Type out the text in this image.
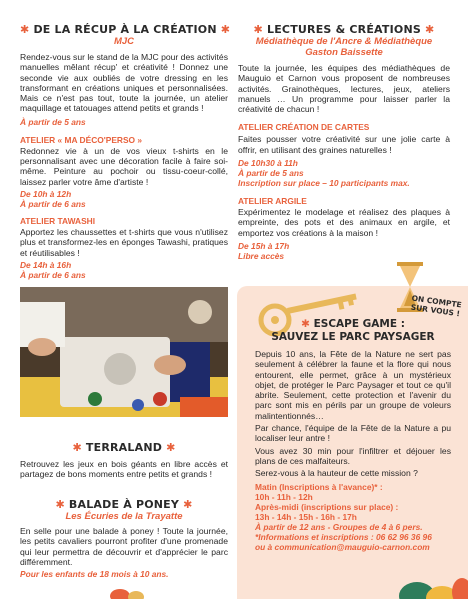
✱ DE LA RÉCUP À LA CRÉATION ✱
MJC

Rendez-vous sur le stand de la MJC pour des activités manuelles mêlant récup' et créativité ! Donnez une seconde vie aux oubliés de votre dressing en les transformant en créations uniques et personnalisées. Mais ce n'est pas tout, toute la journée, un atelier maquillage et tatouages attend petits et grands !

À partir de 5 ans
ATELIER « MA DÉCO'PERSO »

Redonnez vie à un de vos vieux t-shirts en le personnalisant avec une décoration facile à faire soi-même. Peinture au pochoir ou tissu-coeur-collé, laissez parler votre âme d'artiste !

De 10h à 12h
À partir de 6 ans
ATELIER TAWASHI

Apportez les chaussettes et t-shirts que vous n'utilisez plus et transformez-les en éponges Tawashi, pratiques et réutilisables !

De 14h à 16h
À partir de 6 ans
✱ TERRALAND ✱

Retrouvez les jeux en bois géants en libre accès et partagez de bons moments entre petits et grands !

✱ BALADE À PONEY ✱
Les Écuries de la Trayatte

En selle pour une balade à poney ! Toute la journée, les petits cavaliers pourront profiter d'une promenade qui leur permettra de découvrir et d'apprécier le parc différemment.

Pour les enfants de 18 mois à 10 ans.
✱ LECTURES & CRÉATIONS ✱
Médiathèque de l'Ancre & Médiathèque Gaston Baissette

Toute la journée, les équipes des médiathèques de Mauguio et Carnon vous proposent de nombreuses activités. Grainothèques, lectures, jeux, ateliers manuels … Un programme pour laisser parler la créativité de chacun !

ATELIER CRÉATION DE CARTES

Faites pousser votre créativité sur une jolie carte à offrir, en utilisant des graines naturelles !

De 10h30 à 11h
À partir de 5 ans
Inscription sur place – 10 participants max.
ATELIER ARGILE

Expérimentez le modelage et réalisez des plaques à empreinte, des pots et des animaux en argile, et emportez vos créations à la maison !

De 15h à 17h
Libre accès
✱ ESCAPE GAME :
SAUVEZ LE PARC PAYSAGER

Depuis 10 ans, la Fête de la Nature ne sert pas seulement à célébrer la faune et la flore qui nous entourent, elle permet, grâce à un mystérieux objet, de protéger le Parc Paysager et tout ce qu'il abrite. Seulement, cette protection et l'avenir du parc sont mis en périls par un groupe de voleurs malintentionnés…

Par chance, l'équipe de la Fête de la Nature a pu localiser leur antre !

Vous avez 30 min pour l'infiltrer et déjouer les plans de ces malfaiteurs.

Serez-vous à la hauteur de cette mission ?

Matin (Inscriptions à l'avance)* :
10h - 11h - 12h
Après-midi (inscriptions sur place) :
13h - 14h - 15h - 16h - 17h
À partir de 12 ans - Groupes de 4 à 6 pers.
*Informations et inscriptions : 06 62 96 36 96
ou à communication@mauguio-carnon.com
ON COMPTE SUR VOUS !
